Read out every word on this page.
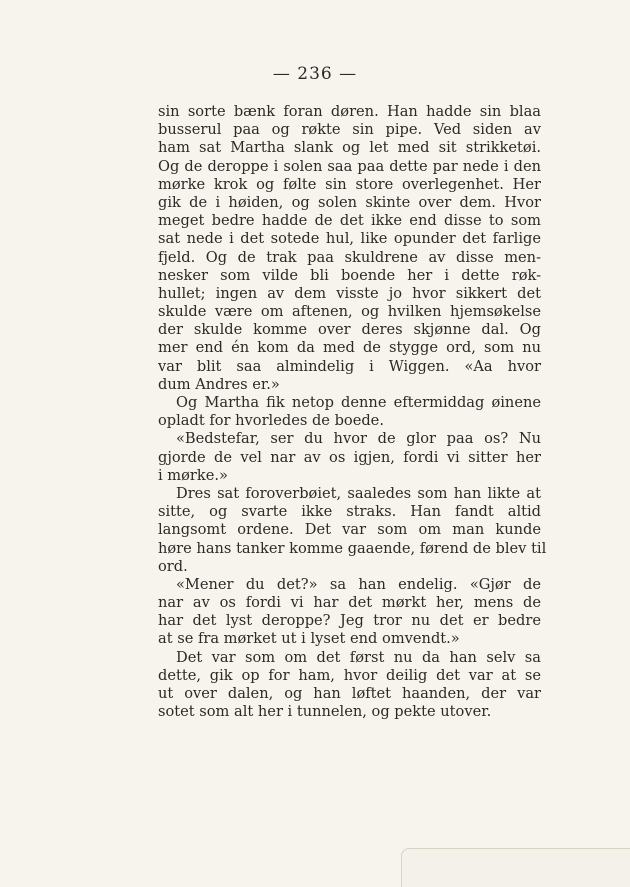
— 236 —
sin sorte bænk foran døren. Han hadde sin blaa
busserul paa og røkte sin pipe. Ved siden av
ham sat Martha slank og let med sit strikketøi.
Og de deroppe i solen saa paa dette par nede i den
mørke krok og følte sin store overlegenhet. Her
gik de i høiden, og solen skinte over dem. Hvor
meget bedre hadde de det ikke end disse to som
sat nede i det sotede hul, like opunder det farlige
fjeld. Og de trak paa skuldrene av disse men-
nesker som vilde bli boende her i dette røk-
hullet; ingen av dem visste jo hvor sikkert det
skulde være om aftenen, og hvilken hjemsøkelse
der skulde komme over deres skjønne dal. Og
mer end én kom da med de stygge ord, som nu
var blit saa almindelig i Wiggen. «Aa hvor
dum Andres er.»
Og Martha fik netop denne eftermiddag øinene
opladt for hvorledes de boede.
«Bedstefar, ser du hvor de glor paa os? Nu
gjorde de vel nar av os igjen, fordi vi sitter her
i mørke.»
Dres sat foroverbøiet, saaledes som han likte at
sitte, og svarte ikke straks. Han fandt altid
langsomt ordene. Det var som om man kunde
høre hans tanker komme gaaende, førend de blev til
ord.
«Mener du det?» sa han endelig. «Gjør de
nar av os fordi vi har det mørkt her, mens de
har det lyst deroppe? Jeg tror nu det er bedre
at se fra mørket ut i lyset end omvendt.»
Det var som om det først nu da han selv sa
dette, gik op for ham, hvor deilig det var at se
ut over dalen, og han løftet haanden, der var
sotet som alt her i tunnelen, og pekte utover.
